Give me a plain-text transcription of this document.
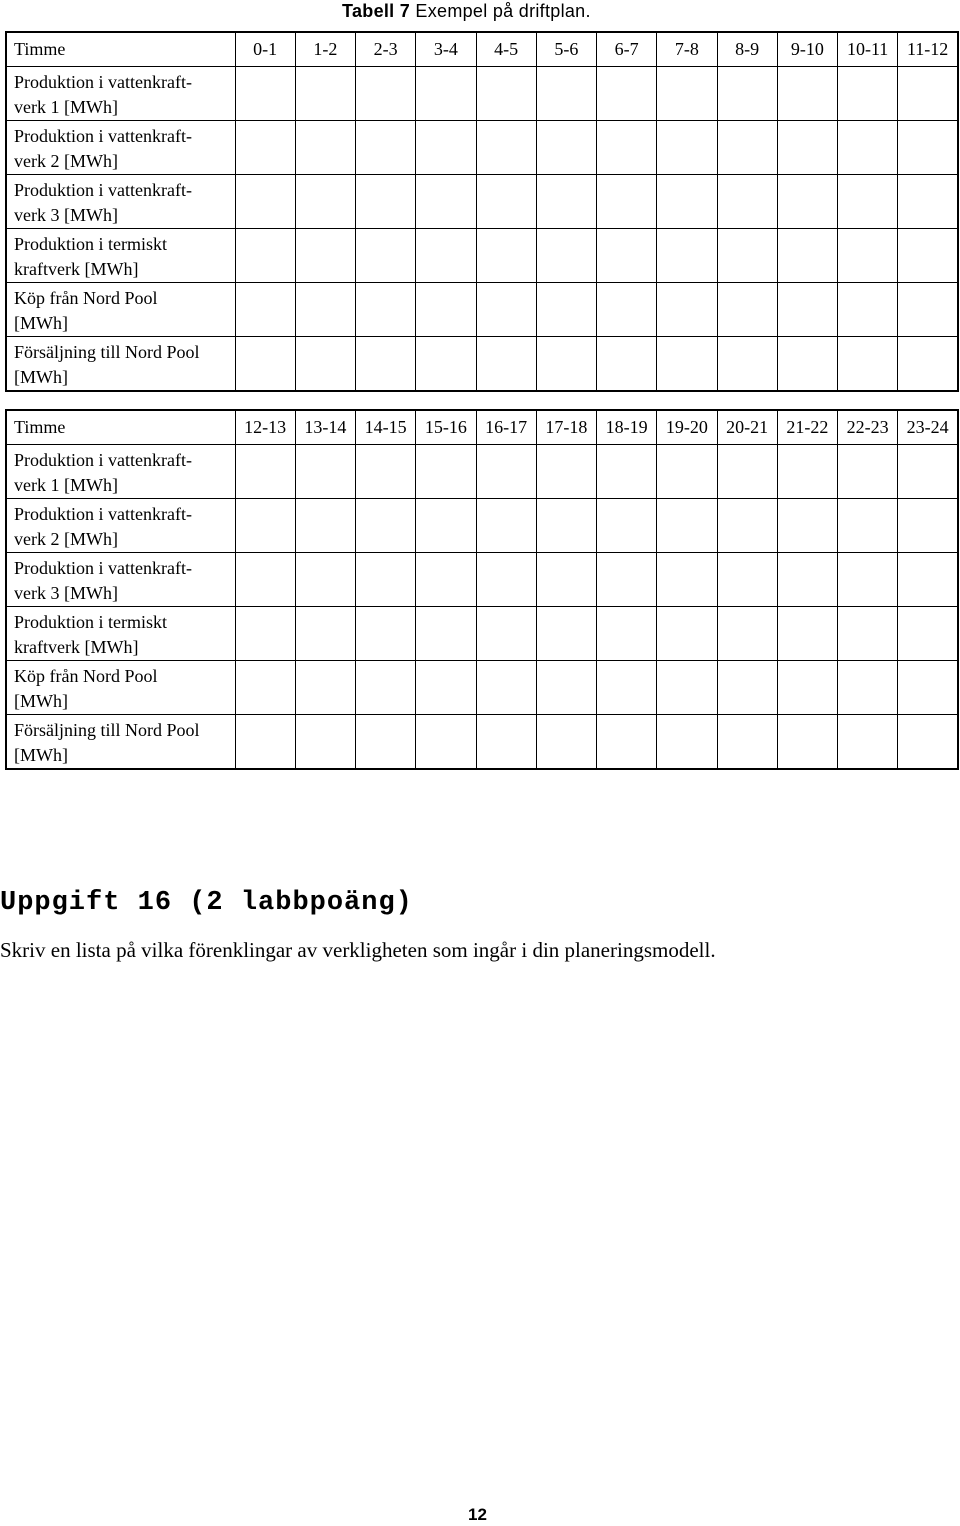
Tabell 7 Exempel på driftplan.
Timme	0-1	1-2	2-3	3-4	4-5	5-6	6-7	7-8	8-9	9-10	10-11	11-12
Produktion i vattenkraft-
verk 1 [MWh]												
Produktion i vattenkraft-
verk 2 [MWh]												
Produktion i vattenkraft-
verk 3 [MWh]												
Produktion i termiskt
kraftverk [MWh]												
Köp från Nord Pool
[MWh]												
Försäljning till Nord Pool
[MWh]												
Timme	12-13	13-14	14-15	15-16	16-17	17-18	18-19	19-20	20-21	21-22	22-23	23-24
Produktion i vattenkraft-
verk 1 [MWh]												
Produktion i vattenkraft-
verk 2 [MWh]												
Produktion i vattenkraft-
verk 3 [MWh]												
Produktion i termiskt
kraftverk [MWh]												
Köp från Nord Pool
[MWh]												
Försäljning till Nord Pool
[MWh]												
Uppgift 16 (2 labbpoäng)
Skriv en lista på vilka förenklingar av verkligheten som ingår i din planeringsmodell.
12
